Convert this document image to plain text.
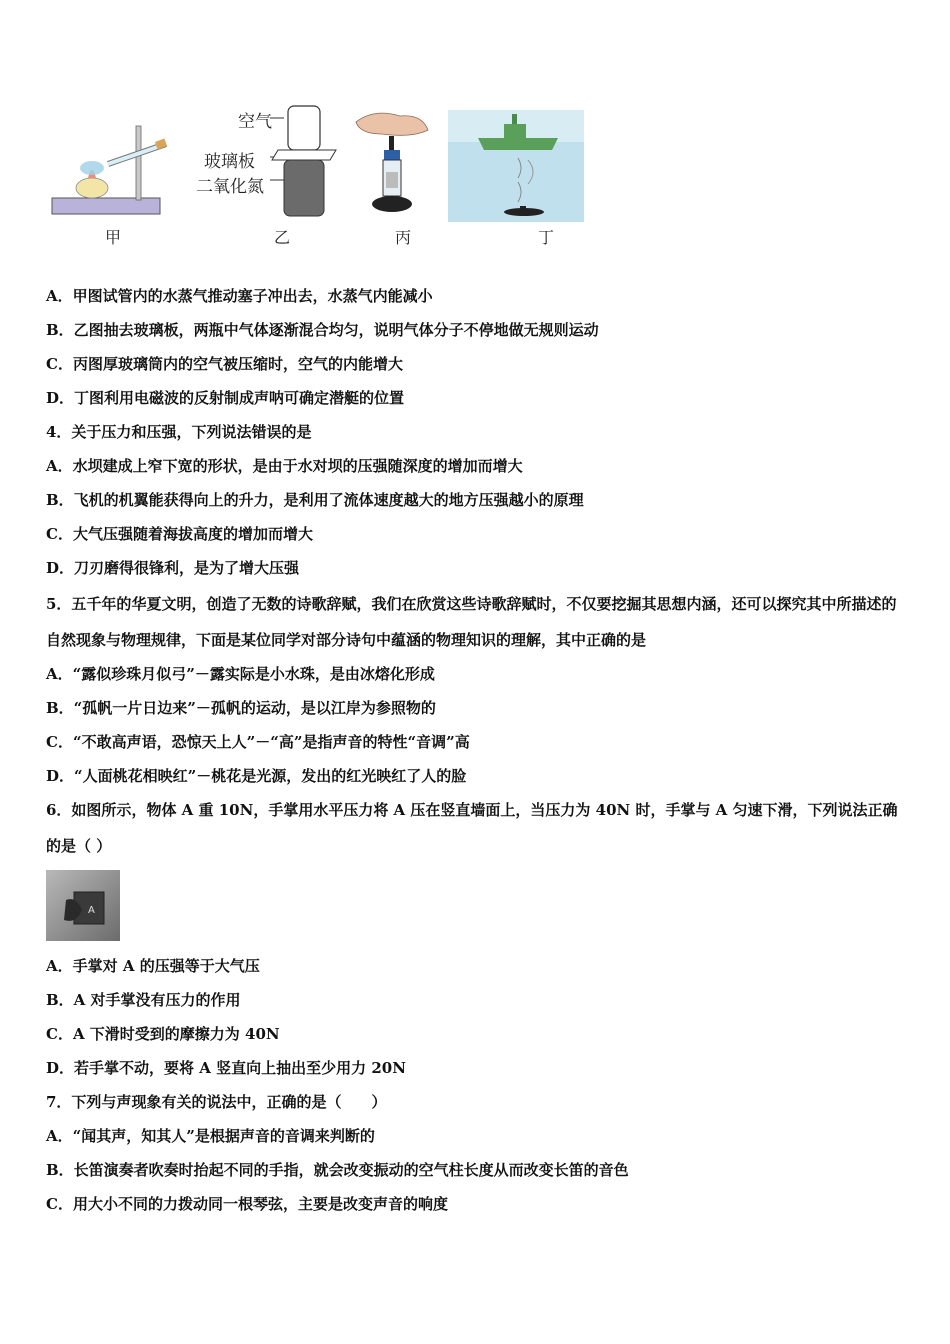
甲
空气
玻璃板
二氧化氮
乙	丙	丁
A．甲图试管内的水蒸气推动塞子冲出去，水蒸气内能减小
B．乙图抽去玻璃板，两瓶中气体逐渐混合均匀，说明气体分子不停地做无规则运动
C．丙图厚玻璃筒内的空气被压缩时，空气的内能增大
D．丁图利用电磁波的反射制成声呐可确定潜艇的位置
4．关于压力和压强，下列说法错误的是
A．水坝建成上窄下宽的形状，是由于水对坝的压强随深度的增加而增大
B．飞机的机翼能获得向上的升力，是利用了流体速度越大的地方压强越小的原理
C．大气压强随着海拔高度的增加而增大
D．刀刃磨得很锋利，是为了增大压强
5．五千年的华夏文明，创造了无数的诗歌辞赋，我们在欣赏这些诗歌辞赋时，不仅要挖掘其思想内涵，还可以探究其中所描述的自然现象与物理规律，下面是某位同学对部分诗句中蕴涵的物理知识的理解，其中正确的是
A．“露似珍珠月似弓”－露实际是小水珠，是由冰熔化形成
B．“孤帆一片日边来”－孤帆的运动，是以江岸为参照物的
C．“不敢高声语，恐惊天上人”－“高”是指声音的特性“音调”高
D．“人面桃花相映红”－桃花是光源，发出的红光映红了人的脸
6．如图所示，物体 A 重 10N，手掌用水平压力将 A 压在竖直墙面上，当压力为 40N 时，手掌与 A 匀速下滑，下列说法正确的是（ ）
A
A．手掌对 A 的压强等于大气压
B．A 对手掌没有压力的作用
C．A 下滑时受到的摩擦力为 40N
D．若手掌不动，要将 A 竖直向上抽出至少用力 20N
7．下列与声现象有关的说法中，正确的是（　　）
A．“闻其声，知其人”是根据声音的音调来判断的
B．长笛演奏者吹奏时抬起不同的手指，就会改变振动的空气柱长度从而改变长笛的音色
C．用大小不同的力拨动同一根琴弦，主要是改变声音的响度
